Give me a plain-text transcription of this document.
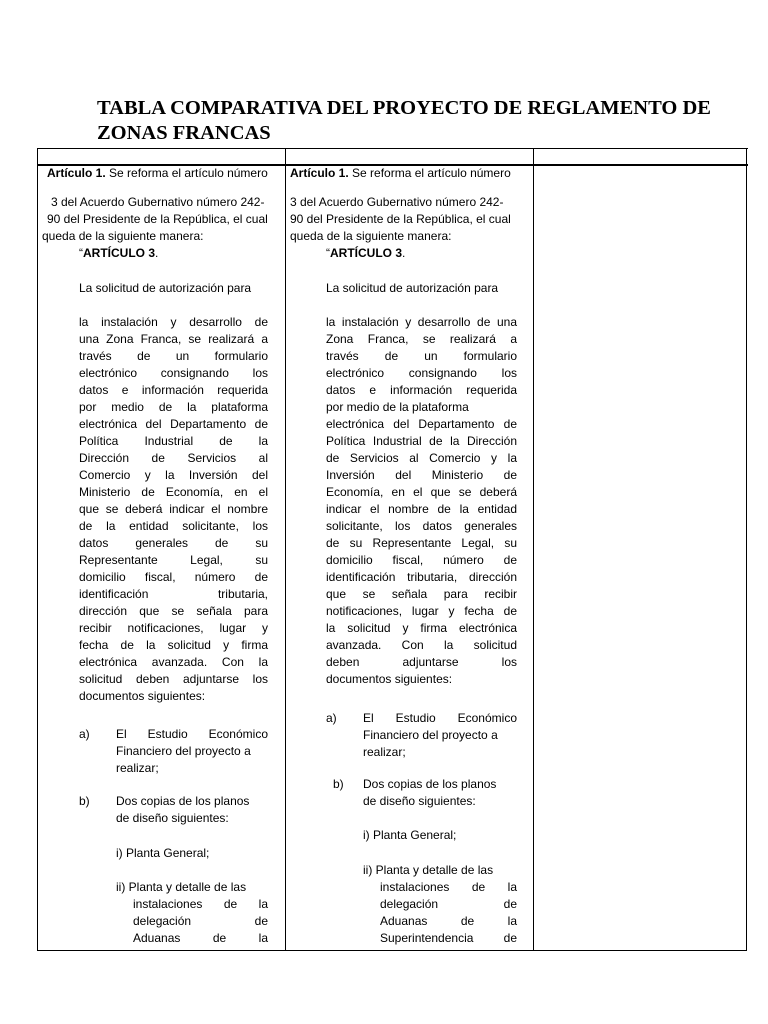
TABLA COMPARATIVA DEL PROYECTO DE REGLAMENTO DE
ZONAS FRANCAS
Artículo 1. Se reforma el artículo número

3 del Acuerdo Gubernativo número 242-

90 del Presidente de la República, el cual

queda de la siguiente manera:

“ARTÍCULO 3.

La solicitud de autorización para

la instalación y desarrollo de

una Zona Franca, se realizará a

través de un formulario

electrónico consignando los

datos e información requerida

por medio de la plataforma

electrónica del Departamento de

Política Industrial de la

Dirección de Servicios al

Comercio y la Inversión del

Ministerio de Economía, en el

que se deberá indicar el nombre

de la entidad solicitante, los

datos generales de su

Representante Legal, su

domicilio fiscal, número de

identificación tributaria,

dirección que se señala para

recibir notificaciones, lugar y

fecha de la solicitud y firma

electrónica avanzada. Con la

solicitud deben adjuntarse los

documentos siguientes:

a) El Estudio Económico

Financiero del proyecto a

realizar;

b) Dos copias de los planos

de diseño siguientes:

i) Planta General;

ii) Planta y detalle de las

instalaciones de la

delegación de

Aduanas de la

Artículo 1. Se reforma el artículo número

3 del Acuerdo Gubernativo número 242-

90 del Presidente de la República, el cual

queda de la siguiente manera:

“ARTÍCULO 3.

La solicitud de autorización para

la instalación y desarrollo de una

Zona Franca, se realizará a

través de un formulario

electrónico consignando los

datos e información requerida

por medio de la plataforma

electrónica del Departamento de

Política Industrial de la Dirección

de Servicios al Comercio y la

Inversión del Ministerio de

Economía, en el que se deberá

indicar el nombre de la entidad

solicitante, los datos generales

de su Representante Legal, su

domicilio fiscal, número de

identificación tributaria, dirección

que se señala para recibir

notificaciones, lugar y fecha de

la solicitud y firma electrónica

avanzada. Con la solicitud

deben adjuntarse los

documentos siguientes:

a) El Estudio Económico

Financiero del proyecto a

realizar;

b) Dos copias de los planos

de diseño siguientes:

i) Planta General;

ii) Planta y detalle de las

instalaciones de la

delegación de

Aduanas de la

Superintendencia de
